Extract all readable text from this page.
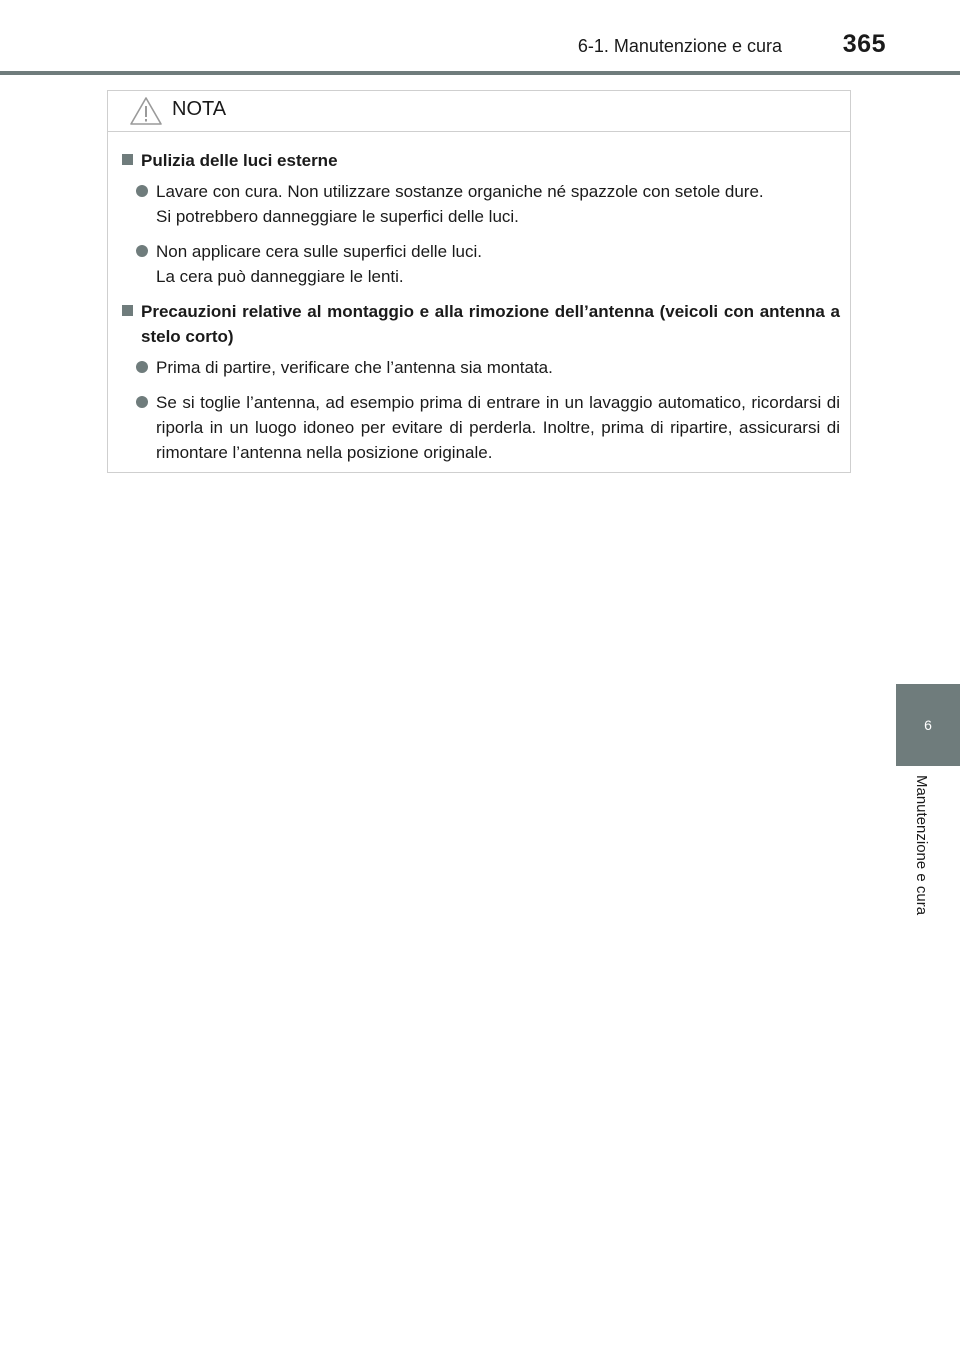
6-1. Manutenzione e cura 365
6
Manutenzione e cura
NOTA
Pulizia delle luci esterne
Lavare con cura. Non utilizzare sostanze organiche né spazzole con setole dure.
Si potrebbero danneggiare le superfici delle luci.
Non applicare cera sulle superfici delle luci.
La cera può danneggiare le lenti.
Precauzioni relative al montaggio e alla rimozione dell’antenna (veicoli con antenna a stelo corto)
Prima di partire, verificare che l’antenna sia montata.
Se si toglie l’antenna, ad esempio prima di entrare in un lavaggio automatico, ricordarsi di riporla in un luogo idoneo per evitare di perderla. Inoltre, prima di ripartire, assicurarsi di rimontare l’antenna nella posizione originale.
